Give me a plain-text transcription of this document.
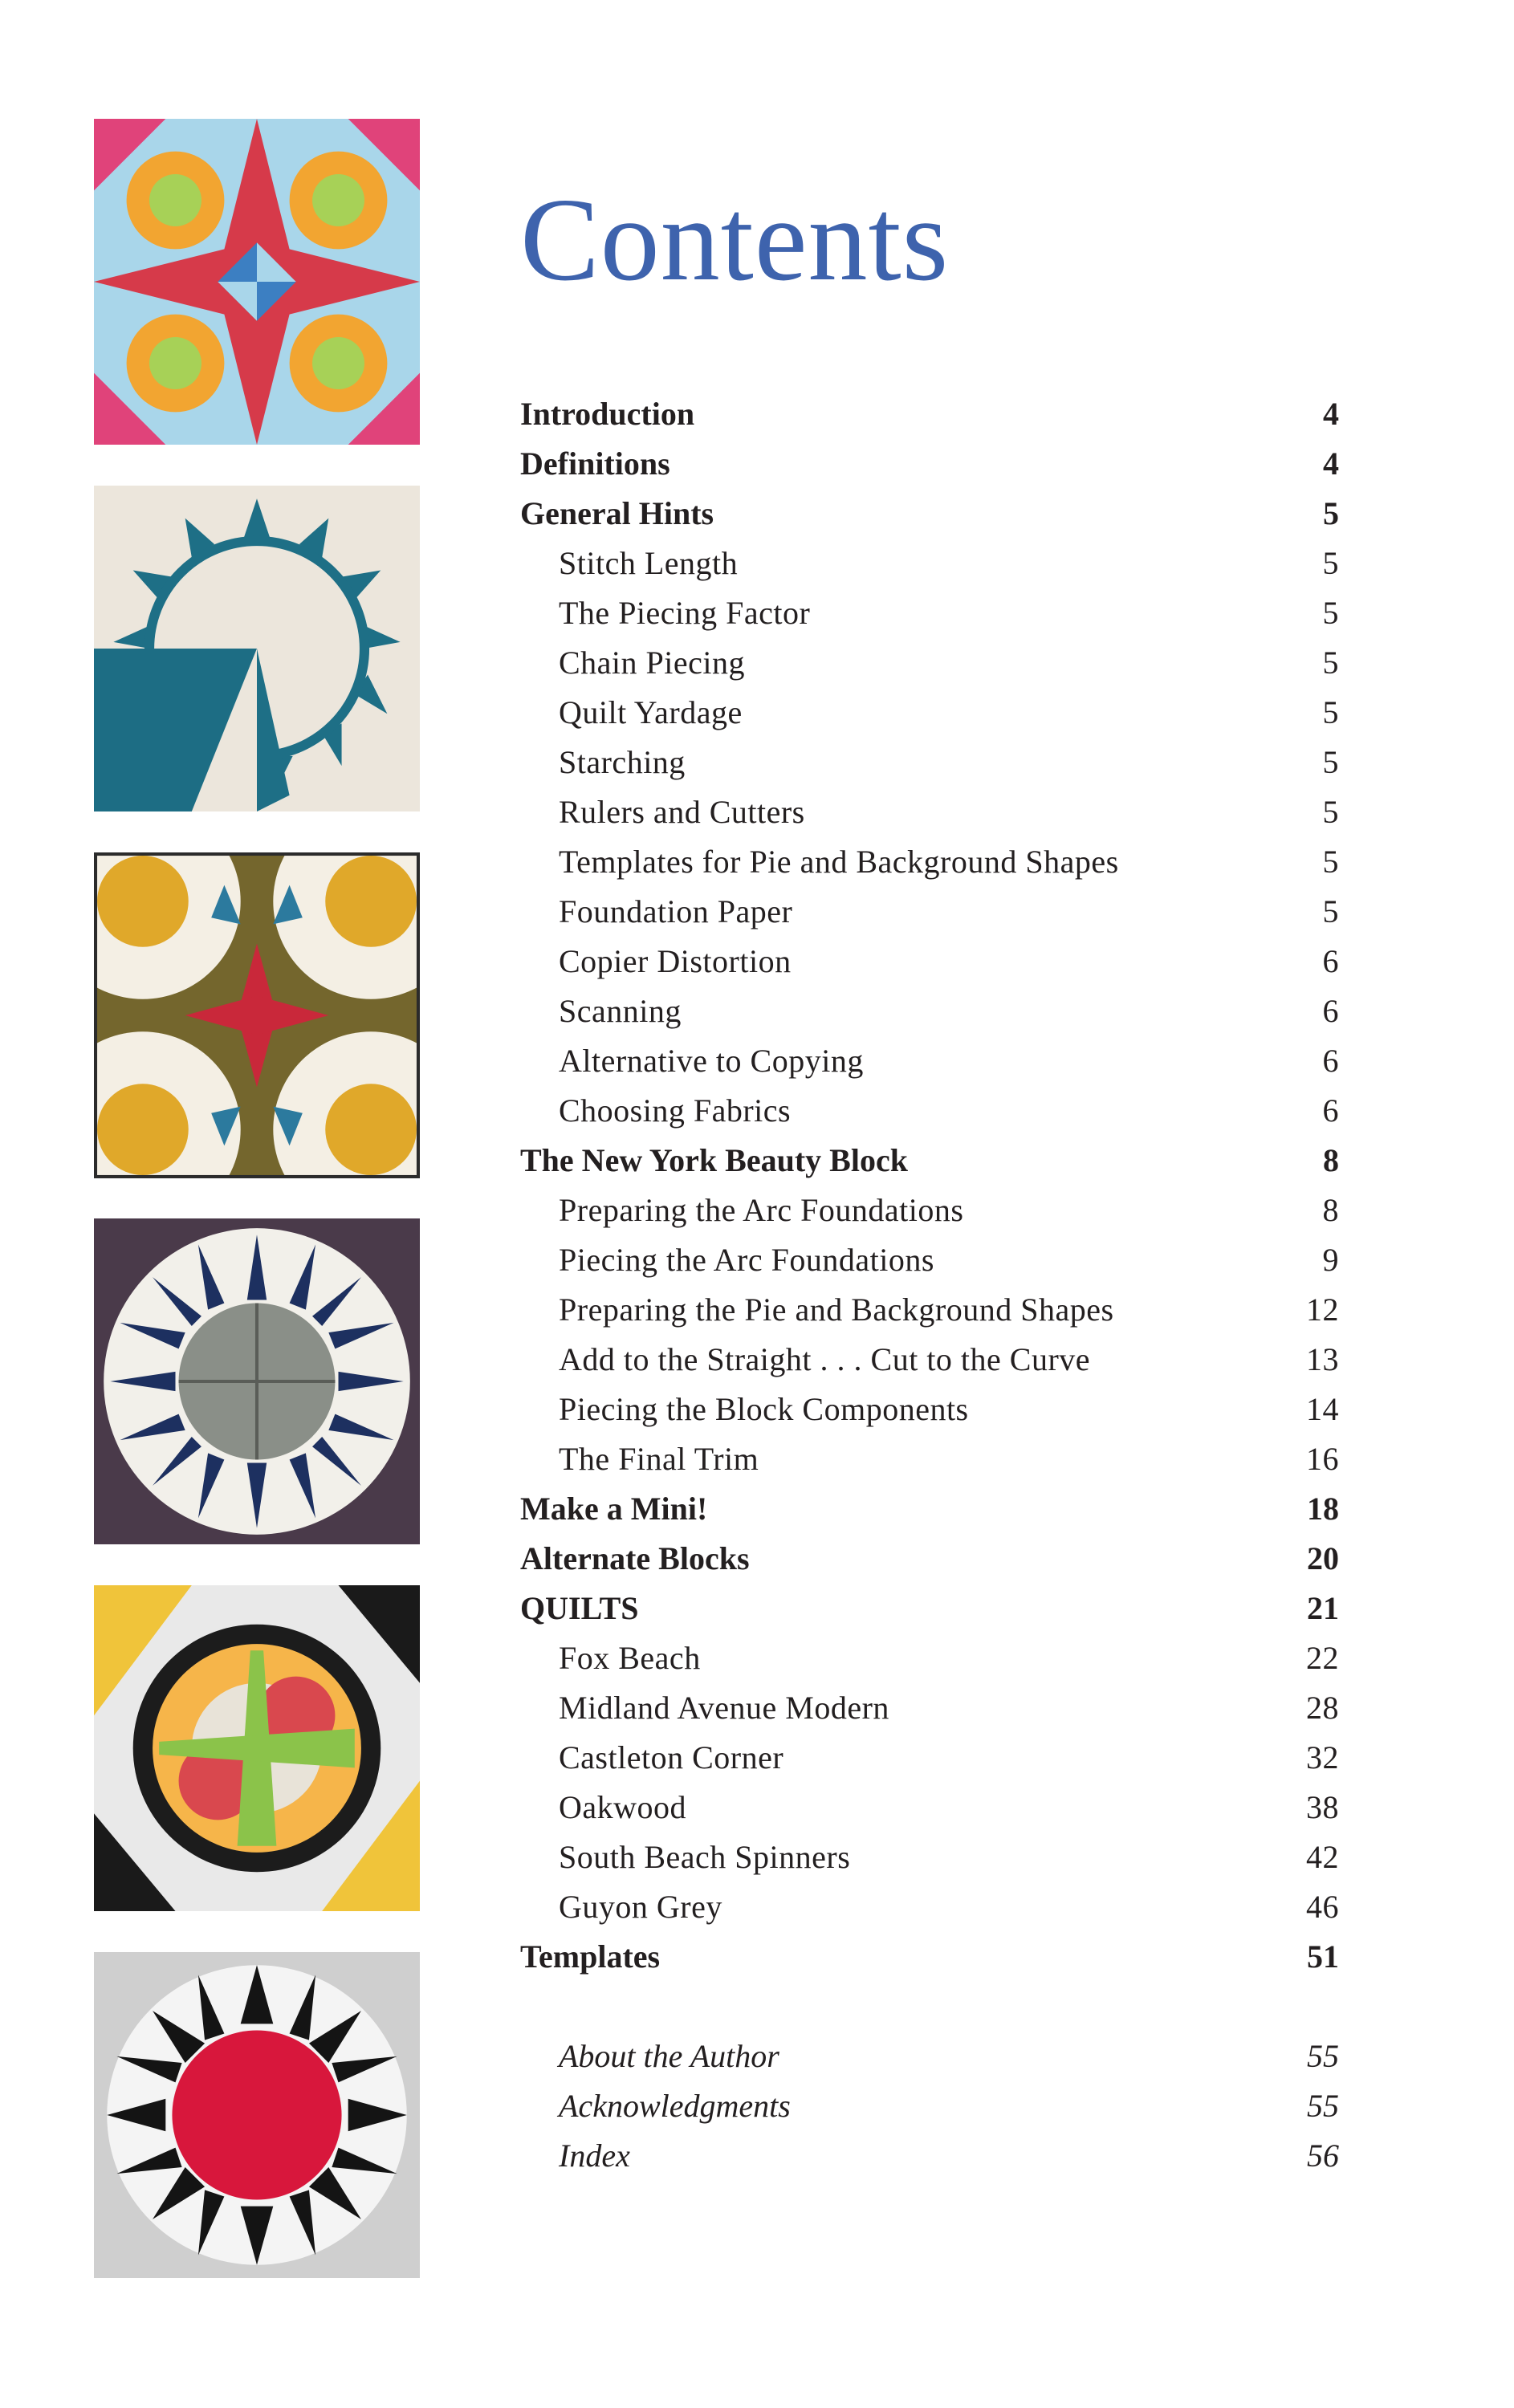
Contents
Introduction	4
Definitions	4
General Hints	5
Stitch Length	5
The Piecing Factor	5
Chain Piecing	5
Quilt Yardage	5
Starching	5
Rulers and Cutters	5
Templates for Pie and Background Shapes	5
Foundation Paper	5
Copier Distortion	6
Scanning	6
Alternative to Copying	6
Choosing Fabrics	6
The New York Beauty Block	8
Preparing the Arc Foundations	8
Piecing the Arc Foundations	9
Preparing the Pie and Background Shapes	12
Add to the Straight . . . Cut to the Curve	13
Piecing the Block Components	14
The Final Trim	16
Make a Mini!	18
Alternate Blocks	20
QUILTS	21
Fox Beach	22
Midland Avenue Modern	28
Castleton Corner	32
Oakwood	38
South Beach Spinners	42
Guyon Grey	46
Templates	51
About the Author	55
Acknowledgments	55
Index	56
